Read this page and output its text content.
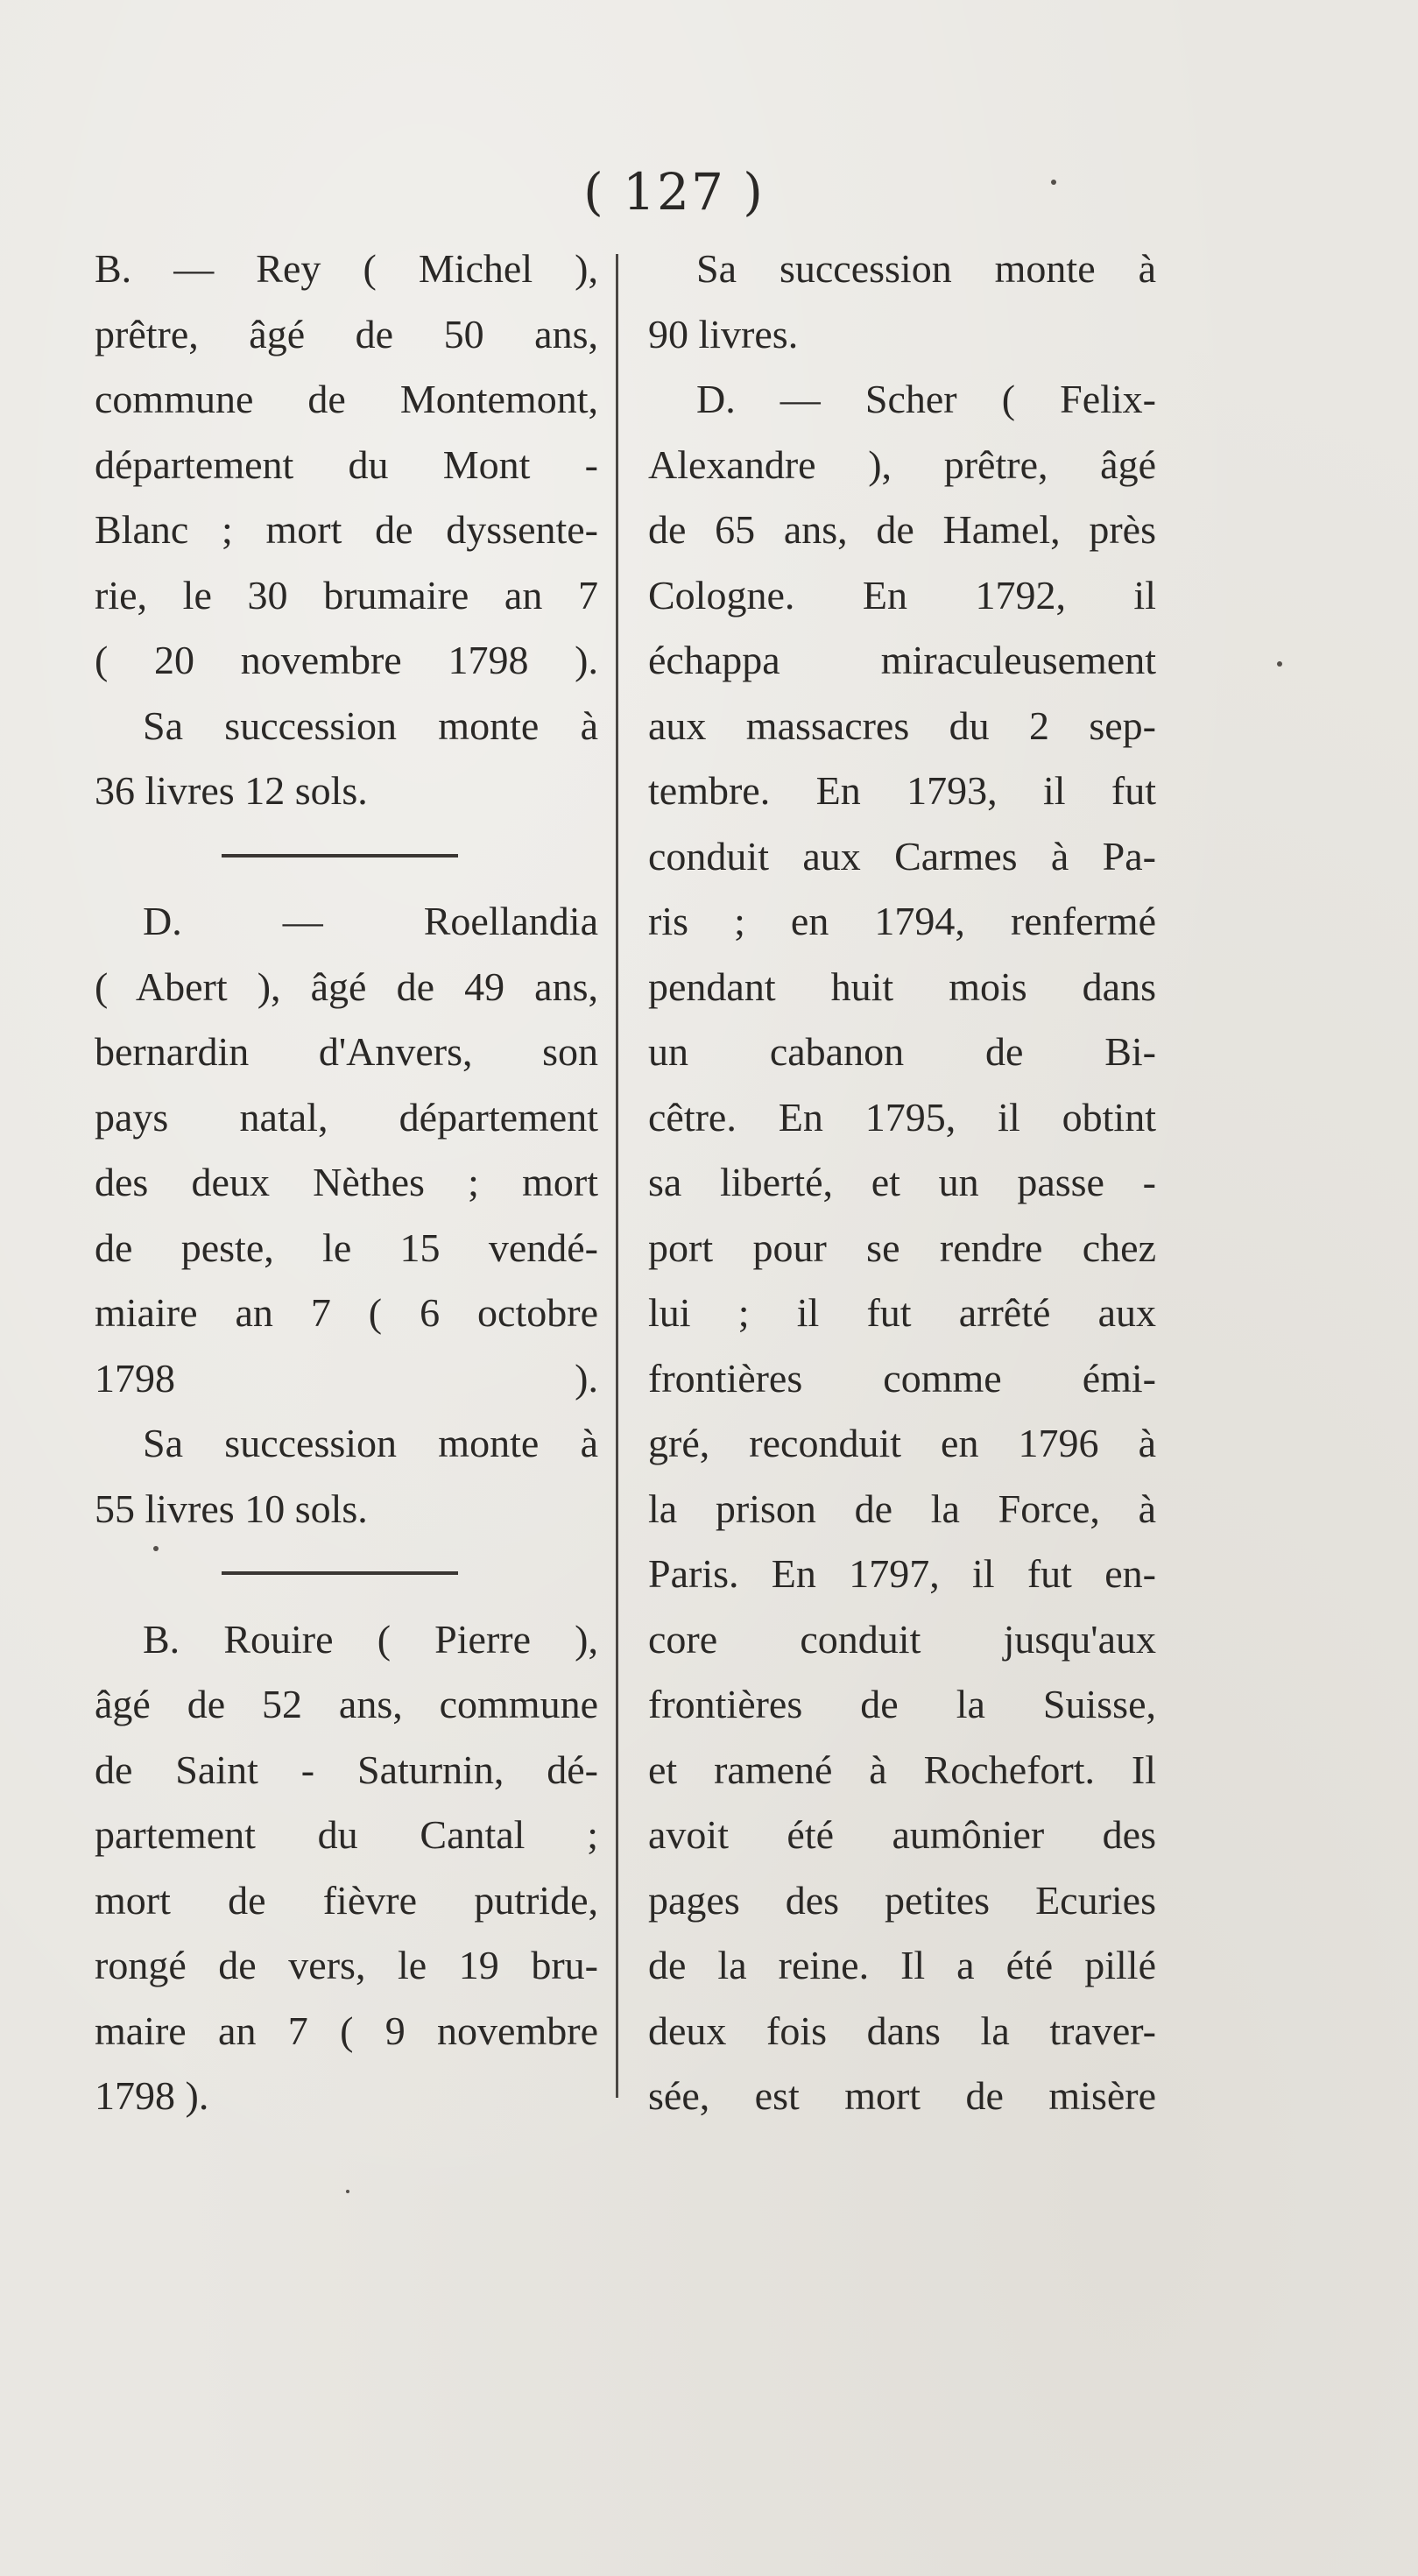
( 127 )
B. — Rey ( Michel ),
prêtre, âgé de 50 ans,
commune de Montemont,
département du Mont -
Blanc ; mort de dyssente-
rie, le 30 brumaire an 7
( 20 novembre 1798 ).
Sa succession monte à
36 livres 12 sols.
D. — Roellandia
( Abert ), âgé de 49 ans,
bernardin d'Anvers, son
pays natal, département
des deux Nèthes ; mort
de peste, le 15 vendé-
miaire an 7 ( 6 octobre
1798 ).
Sa succession monte à
55 livres 10 sols.
B. Rouire ( Pierre ),
âgé de 52 ans, commune
de Saint - Saturnin, dé-
partement du Cantal ;
mort de fièvre putride,
rongé de vers, le 19 bru-
maire an 7 ( 9 novembre
1798 ).
Sa succession monte à
90 livres.
D. — Scher ( Felix-
Alexandre ), prêtre, âgé
de 65 ans, de Hamel, près
Cologne. En 1792, il
échappa miraculeusement
aux massacres du 2 sep-
tembre. En 1793, il fut
conduit aux Carmes à Pa-
ris ; en 1794, renfermé
pendant huit mois dans
un cabanon de Bi-
cêtre. En 1795, il obtint
sa liberté, et un passe -
port pour se rendre chez
lui ; il fut arrêté aux
frontières comme émi-
gré, reconduit en 1796 à
la prison de la Force, à
Paris. En 1797, il fut en-
core conduit jusqu'aux
frontières de la Suisse,
et ramené à Rochefort. Il
avoit été aumônier des
pages des petites Ecuries
de la reine. Il a été pillé
deux fois dans la traver-
sée, est mort de misère
